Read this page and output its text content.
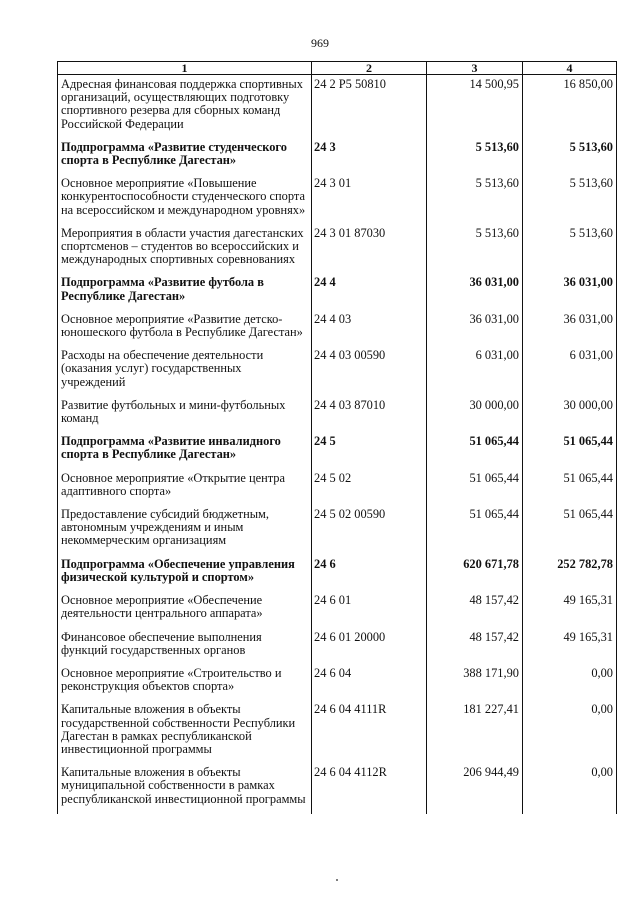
969
1	2	3	4
Адресная финансовая поддержка спортивных организаций, осуществляющих подготовку спортивного резерва для сборных команд Российской Федерации	24 2 P5 50810	14 500,95	16 850,00
Подпрограмма «Развитие студенческого спорта в Республике Дагестан»	24 3	5 513,60	5 513,60
Основное мероприятие «Повышение конкурентоспособности студенческого спорта на всероссийском и международном уровнях»	24 3 01	5 513,60	5 513,60
Мероприятия в области участия дагестанских спортсменов – студентов во всероссийских и международных спортивных соревнованиях	24 3 01 87030	5 513,60	5 513,60
Подпрограмма «Развитие футбола в Республике Дагестан»	24 4	36 031,00	36 031,00
Основное мероприятие «Развитие детско-юношеского футбола в Республике Дагестан»	24 4 03	36 031,00	36 031,00
Расходы на обеспечение деятельности (оказания услуг) государственных учреждений	24 4 03 00590	6 031,00	6 031,00
Развитие футбольных и мини-футбольных команд	24 4 03 87010	30 000,00	30 000,00
Подпрограмма «Развитие инвалидного спорта в Республике Дагестан»	24 5	51 065,44	51 065,44
Основное мероприятие «Открытие центра адаптивного спорта»	24 5 02	51 065,44	51 065,44
Предоставление субсидий бюджетным, автономным учреждениям и иным некоммерческим организациям	24 5 02 00590	51 065,44	51 065,44
Подпрограмма «Обеспечение управления физической культурой и спортом»	24 6	620 671,78	252 782,78
Основное мероприятие «Обеспечение деятельности центрального аппарата»	24 6 01	48 157,42	49 165,31
Финансовое обеспечение выполнения функций государственных органов	24 6 01 20000	48 157,42	49 165,31
Основное мероприятие «Строительство и реконструкция объектов спорта»	24 6 04	388 171,90	0,00
Капитальные вложения в объекты государственной собственности Республики Дагестан в рамках республиканской инвестиционной программы	24 6 04 4111R	181 227,41	0,00
Капитальные вложения в объекты муниципальной собственности в рамках республиканской инвестиционной программы	24 6 04 4112R	206 944,49	0,00
